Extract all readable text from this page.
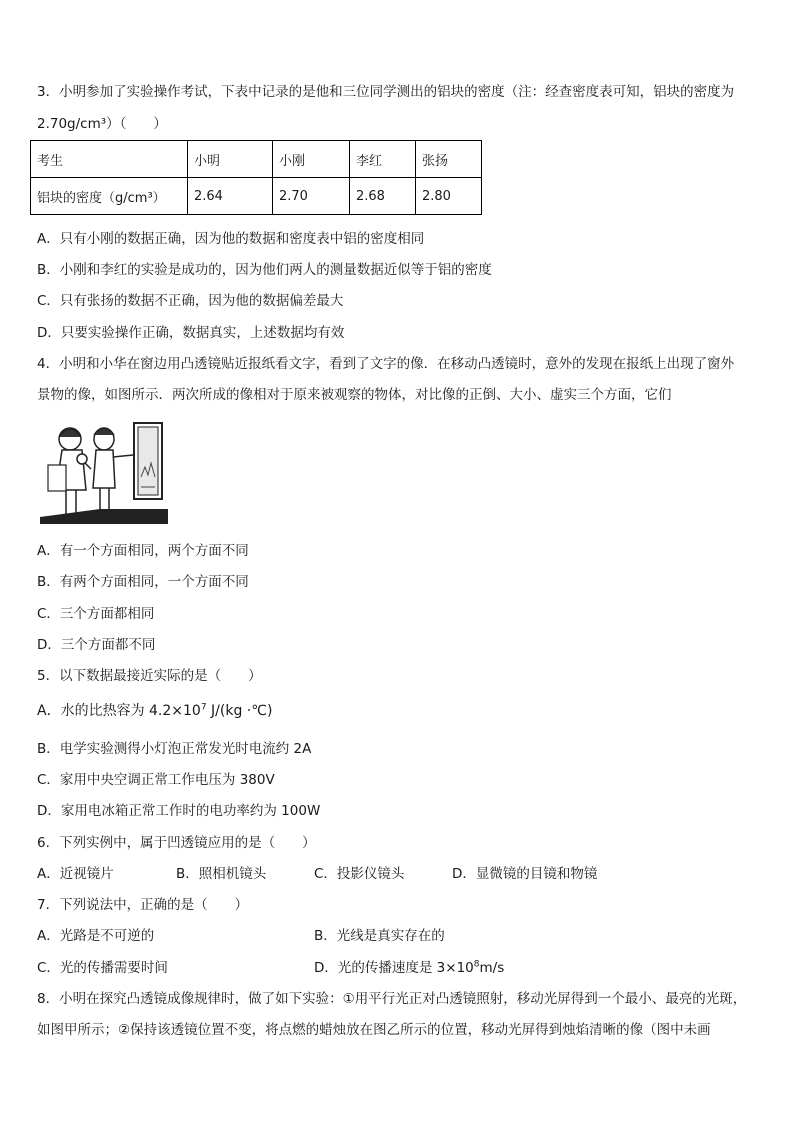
3．小明参加了实验操作考试，下表中记录的是他和三位同学测出的铝块的密度（注：经查密度表可知，铝块的密度为
2.70g/cm³）（　　）
考生	小明	小刚	李红	张扬
铝块的密度（g/cm³）	2.64	2.70	2.68	2.80
A．只有小刚的数据正确，因为他的数据和密度表中铝的密度相同
B．小刚和李红的实验是成功的，因为他们两人的测量数据近似等于铝的密度
C．只有张扬的数据不正确，因为他的数据偏差最大
D．只要实验操作正确，数据真实，上述数据均有效
4．小明和小华在窗边用凸透镜贴近报纸看文字，看到了文字的像．在移动凸透镜时，意外的发现在报纸上出现了窗外
景物的像，如图所示．两次所成的像相对于原来被观察的物体，对比像的正倒、大小、虚实三个方面，它们
A．有一个方面相同，两个方面不同
B．有两个方面相同，一个方面不同
C．三个方面都相同
D．三个方面都不同
5．以下数据最接近实际的是（　　）
A．水的比热容为 $4.2\times 10^7$ J/(kg ·℃)
B．电学实验测得小灯泡正常发光时电流约 2A
C．家用中央空调正常工作电压为 380V
D．家用电冰箱正常工作时的电功率约为 100W
6．下列实例中，属于凹透镜应用的是（　　）
A．近视镜片	B．照相机镜头	C．投影仪镜头	D．显微镜的目镜和物镜
7．下列说法中，正确的是（　　）
A．光路是不可逆的	B．光线是真实存在的
C．光的传播需要时间	D．光的传播速度是 $3\times 10^8m/s$
8．小明在探究凸透镜成像规律时，做了如下实验：①用平行光正对凸透镜照射，移动光屏得到一个最小、最亮的光斑，
如图甲所示；②保持该透镜位置不变，将点燃的蜡烛放在图乙所示的位置，移动光屏得到烛焰清晰的像（图中未画
